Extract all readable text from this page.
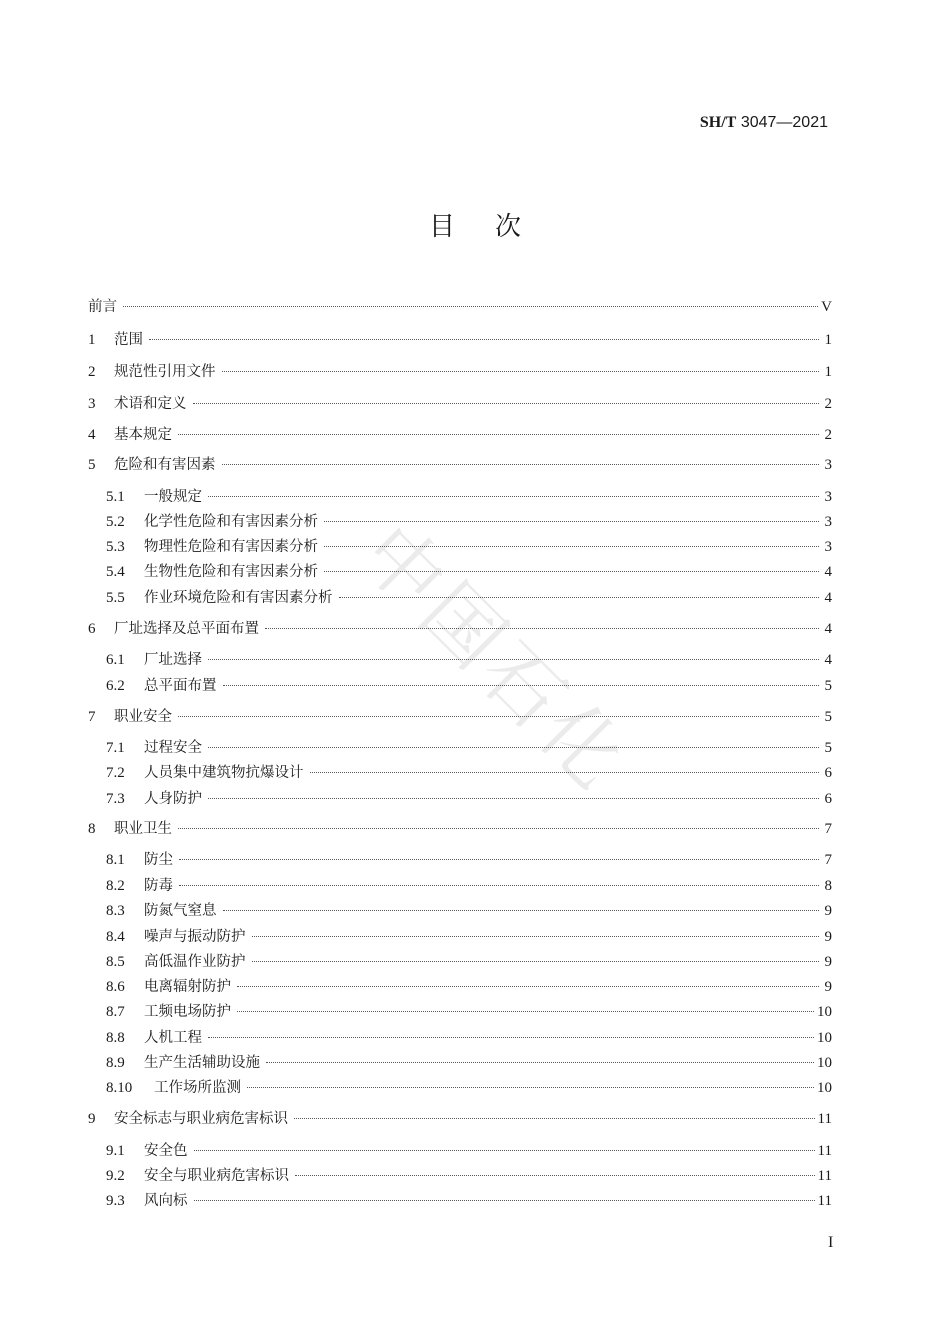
SH/T 3047—2021
目次
中国石化
前言	V
1	范围	1
2	规范性引用文件	1
3	术语和定义	2
4	基本规定	2
5	危险和有害因素	3
5.1	一般规定	3
5.2	化学性危险和有害因素分析	3
5.3	物理性危险和有害因素分析	3
5.4	生物性危险和有害因素分析	4
5.5	作业环境危险和有害因素分析	4
6	厂址选择及总平面布置	4
6.1	厂址选择	4
6.2	总平面布置	5
7	职业安全	5
7.1	过程安全	5
7.2	人员集中建筑物抗爆设计	6
7.3	人身防护	6
8	职业卫生	7
8.1	防尘	7
8.2	防毒	8
8.3	防氮气窒息	9
8.4	噪声与振动防护	9
8.5	高低温作业防护	9
8.6	电离辐射防护	9
8.7	工频电场防护	10
8.8	人机工程	10
8.9	生产生活辅助设施	10
8.10	工作场所监测	10
9	安全标志与职业病危害标识	11
9.1	安全色	11
9.2	安全与职业病危害标识	11
9.3	风向标	11
I
